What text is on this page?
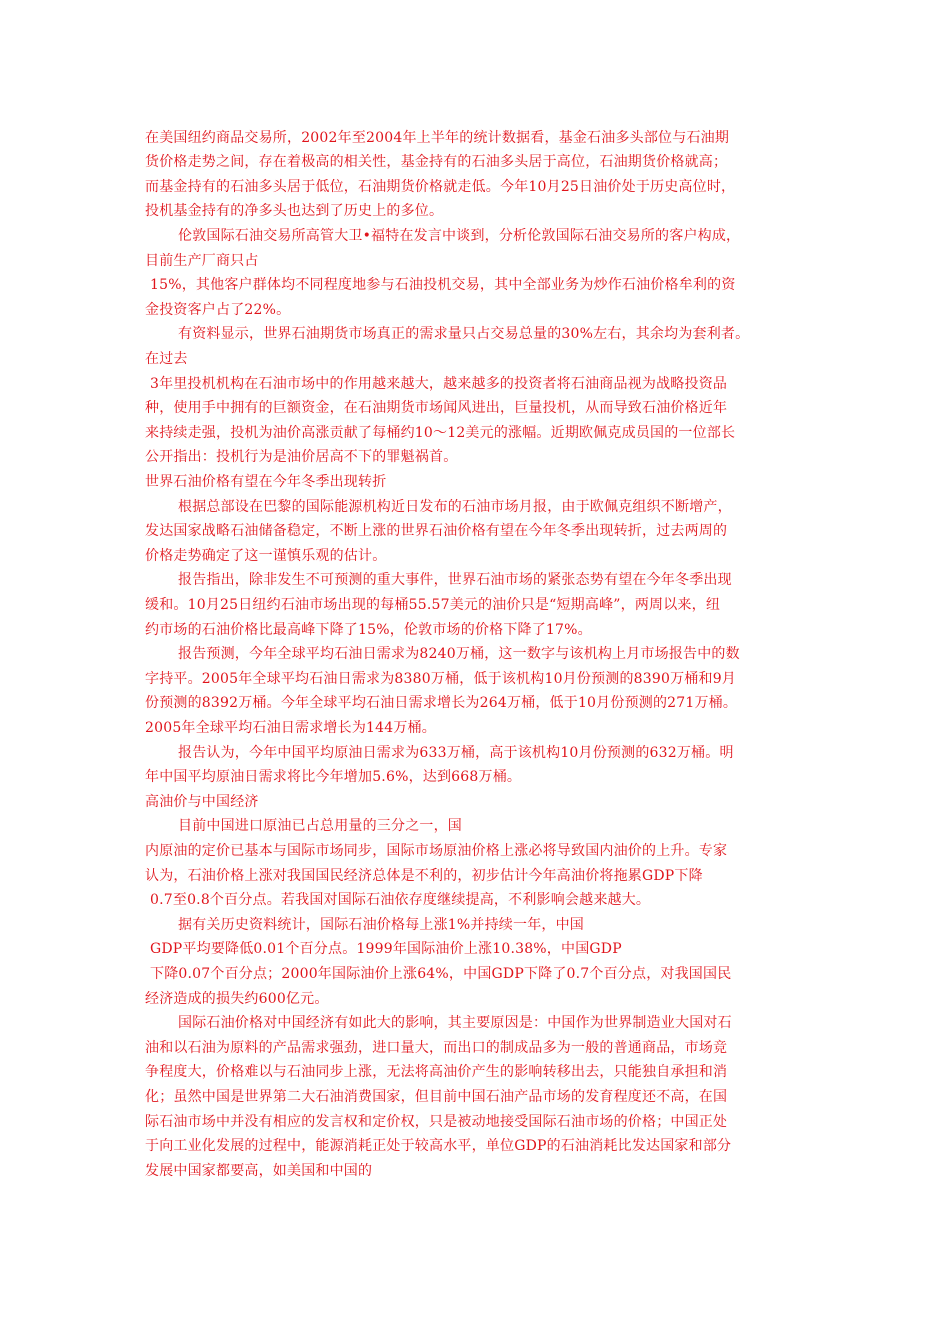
在美国纽约商品交易所，2002年至2004年上半年的统计数据看，基金石油多头部位与石油期
货价格走势之间，存在着极高的相关性，基金持有的石油多头居于高位，石油期货价格就高；
而基金持有的石油多头居于低位，石油期货价格就走低。今年10月25日油价处于历史高位时，
投机基金持有的净多头也达到了历史上的多位。
伦敦国际石油交易所高管大卫•福特在发言中谈到，分析伦敦国际石油交易所的客户构成，
目前生产厂商只占
15%，其他客户群体均不同程度地参与石油投机交易，其中全部业务为炒作石油价格牟利的资
金投资客户占了22%。
有资料显示，世界石油期货市场真正的需求量只占交易总量的30%左右，其余均为套利者。
在过去
3年里投机机构在石油市场中的作用越来越大，越来越多的投资者将石油商品视为战略投资品
种，使用手中拥有的巨额资金，在石油期货市场闻风进出，巨量投机，从而导致石油价格近年
来持续走强，投机为油价高涨贡献了每桶约10～12美元的涨幅。近期欧佩克成员国的一位部长
公开指出：投机行为是油价居高不下的罪魁祸首。
世界石油价格有望在今年冬季出现转折
根据总部设在巴黎的国际能源机构近日发布的石油市场月报，由于欧佩克组织不断增产，
发达国家战略石油储备稳定，不断上涨的世界石油价格有望在今年冬季出现转折，过去两周的
价格走势确定了这一谨慎乐观的估计。
报告指出，除非发生不可预测的重大事件，世界石油市场的紧张态势有望在今年冬季出现
缓和。10月25日纽约石油市场出现的每桶55.57美元的油价只是“短期高峰”，两周以来，纽
约市场的石油价格比最高峰下降了15%，伦敦市场的价格下降了17%。
报告预测，今年全球平均石油日需求为8240万桶，这一数字与该机构上月市场报告中的数
字持平。2005年全球平均石油日需求为8380万桶，低于该机构10月份预测的8390万桶和9月
份预测的8392万桶。今年全球平均石油日需求增长为264万桶，低于10月份预测的271万桶。
2005年全球平均石油日需求增长为144万桶。
报告认为，今年中国平均原油日需求为633万桶，高于该机构10月份预测的632万桶。明
年中国平均原油日需求将比今年增加5.6%，达到668万桶。
高油价与中国经济
目前中国进口原油已占总用量的三分之一，国
内原油的定价已基本与国际市场同步，国际市场原油价格上涨必将导致国内油价的上升。专家
认为，石油价格上涨对我国国民经济总体是不利的，初步估计今年高油价将拖累GDP下降
0.7至0.8个百分点。若我国对国际石油依存度继续提高，不利影响会越来越大。
据有关历史资料统计，国际石油价格每上涨1%并持续一年，中国
GDP平均要降低0.01个百分点。1999年国际油价上涨10.38%，中国GDP
下降0.07个百分点；2000年国际油价上涨64%，中国GDP下降了0.7个百分点，对我国国民
经济造成的损失约600亿元。
国际石油价格对中国经济有如此大的影响，其主要原因是：中国作为世界制造业大国对石
油和以石油为原料的产品需求强劲，进口量大，而出口的制成品多为一般的普通商品，市场竞
争程度大，价格难以与石油同步上涨，无法将高油价产生的影响转移出去，只能独自承担和消
化；虽然中国是世界第二大石油消费国家，但目前中国石油产品市场的发育程度还不高，在国
际石油市场中并没有相应的发言权和定价权，只是被动地接受国际石油市场的价格；中国正处
于向工业化发展的过程中，能源消耗正处于较高水平，单位GDP的石油消耗比发达国家和部分
发展中国家都要高，如美国和中国的
